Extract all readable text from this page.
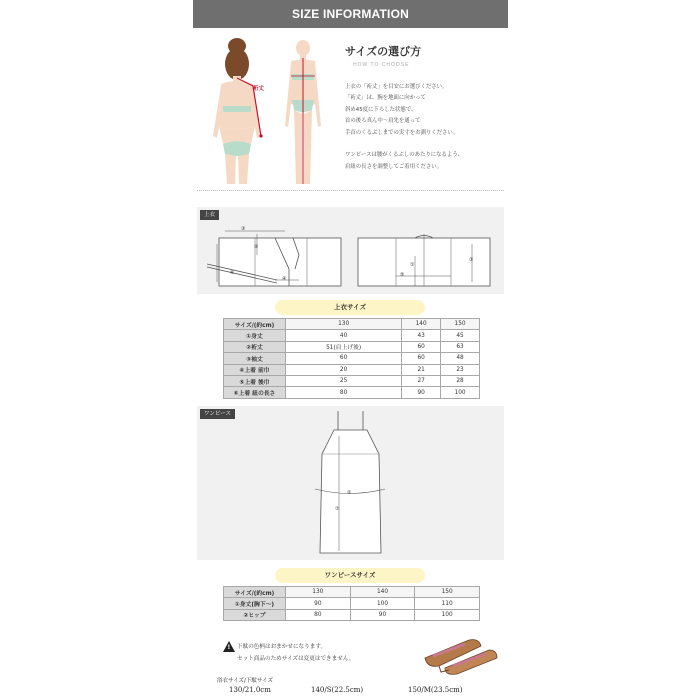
SIZE INFORMATION
裄丈
サイズの選び方
HOW TO CHOOSE
上衣の「裄丈」を目安にお選びください。
「裄丈」は、腕を地面に向かって
斜め45度に下ろした状態で、
首の後ろ真ん中〜肩先を通って
手首のくるぶしまでの実寸をお測りください。

ワンピースは腰がくるぶしのあたりになるよう、
肩紐の長さを調整してご着用ください。
上衣
③
②
⑥
④
①
⑤
①
上衣サイズ
サイズ/(約cm)	130	140	150
①身丈	40	43	45
②裄丈	51(肩上げ後)	60	63
③袖丈	60	60	48
④上着 前巾	20	21	23
⑤上着 後巾	25	27	28
⑥上着 紐の長さ	80	90	100
ワンピース
②
①
ワンピースサイズ
サイズ/(約cm)	130	140	150
①身丈(胸下〜)	90	100	110
②ヒップ	80	90	100
! 下駄の色柄はおまかせになります。
セット商品のためサイズは変更はできません。
浴衣サイズ/下駄サイズ
130/21.0cm	140/S(22.5cm)	150/M(23.5cm)
